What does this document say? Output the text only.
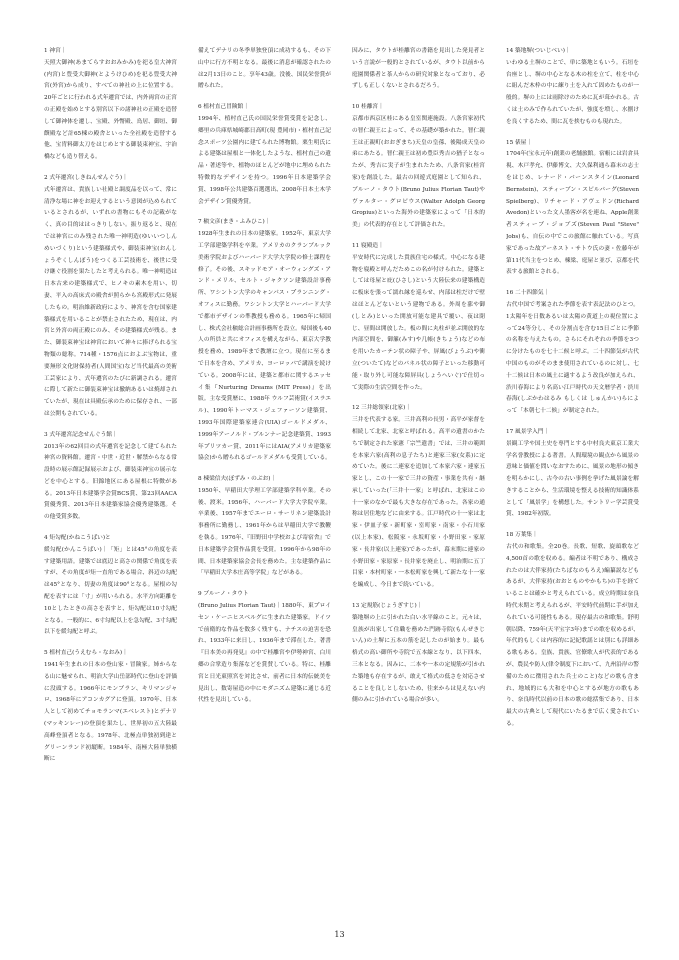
1 神宮｜

天照大御神(あまてらすおおみかみ)を祀る皇大神宮(内宮)と豊受大御神(とようけひめ)を祀る豊受大神宮(外宮)から成り、すべての神社の上に位置する。20年ごとに行われる式年遷宮では、内外両宮の正宮の正殿を始めとする別宮以下の諸神社の正殿を造替して御神体を遷し、宝殿、外幣殿、鳥居、御垣、御饌殿など計65棟の殿舎といった全社殿を造替する他、宝冑料御太刀をはじめとする御装束神宝、宇治橋なども造り替える。

2 式年遷宮(しきねんせんぐう)｜

式年遷宮は、貴族しい社殿と調度品を以って、常に清浄な場に神をお迎えするという意図が込められているとされるが、いずれの書物にもその記載がなく、真の目的ははっきりしない。振り返ると、現在では神宮にのみ残された唯一神明造(ゆいいつしんめいづくり)という建築様式や、御装束神宝(おんしょうぞくしんぽう)をつくる工芸技術を、後世に受け継ぐ役割を果たしたと考えられる。唯一神明造は日本古来の建築様式で、ヒノキの素木を用い、切妻、平入の高床式の殿舎が照らから宮殿形式に発展したもの。明治維新政府により、神宮を含む国家建築様式を用いることが禁止されたため、現在は、内宮と外宮の両正殿にのみ、その建築様式が残る。また、御装束神宝は神宮において神々に捧げられる宝物類の総称。714種・1576点におよぶ宝物は、重要無形文化財保持者(人間国宝)など当代最高の美術工芸家により、式年遷宮のたびに新調される。遷宮に際して新たに御装束神宝は撤納あるいは焼却されていたが、現在は具殿伝承のために保存され、一部は公開もされている。

3 式年遷宮記念せんぐう館｜

2013年の62回目の式年遷宮を記念して建てられた神宮の資料館。遷宮・中世・近世・解禁からなる常設時の展示館記録展示および、御装束神宝の展示などを中心とする。旧錦地区にある屋根に特徴がある。2013年日本建築学会賞BCS賞、第23回AACA賞優秀賞、2013年日本建築家協会優秀建築選。その他受賞多数。

4 矩勾配(かねこうばい)と

緩勾配(かんこうばい)｜「矩」とは45°の角度を表す建築用語。建築では底辺と高さの関係で角度を表すが、その角度が矩一直角である場合、斜辺の勾配は45°となり、切妻の角度は90°となる。屋根の勾配を表すには「寸」が用いられる。水平方向距離を10としたときの高さを表すと、矩勾配は10寸勾配となる。一般的に、6寸勾配以上を急勾配、3寸勾配以下を緩勾配と呼ぶ。

5 植村直己(うえむら・なおみ)｜

1941年生まれの日本の登山家・冒険家。姉からなる山に魅せられ、明治大学山岳部時代に登山を評価に没頭する。1966年にモンブラン、キリマンジャロ、1968年にアコンカグアに登頂。1970年、日本人として初めてチョモランマ(エベレスト)とデナリ(マッキンレー)の登頂を果たし、世界初の五大陸最高峰登頂者となる。1978年、北極点単独初到達とグリーンランド初縦断。1984年、南極大陸単独横断に

備えてデナリの冬季単独登頂に成功するも、その下山中に行方不明となる。最後に消息が確認されたのは2月13日のこと。享年43歳。没後、国民栄誉賞が贈られた。

6 植村直己冒険館｜

1994年、植村直己氏の国民栄誉賞受賞を記念し、郷里の兵庫県城崎郡日高町(現 豊岡市)・植村直己記念スポーツ公園内に建てられた博物館。栗生明氏による建築は屋根と一体化したような、植村直己の遺品・著述等や、植物のほとんどが地中に埋められた特徴的なデザインを持つ。1996年日本建築学会賞、1998年公共建築百選選出、2008年日本土木学会デザイン賞優秀賞。

7 槇文彦(まき・ふみひこ)｜

1928年生まれの日本の建築家。1952年、東京大学工学部建築学科を卒業。アメリカのクランブルック美術学院およびハーバード大学大学院の修士課程を修了。その後、スキッドモア・オーウィングズ・アンド・メリル、セルト・ジャクソン建築設計事務所、ワシントン大学のキャンパス・プランニング・オフィスに勤務。ワシントン大学とハーバード大学で都市デザインの準教授も務める。1965年に帰国し、株式会社槇総合計画事務所を設立。帰国後も40人の所員と共にオフィスを構えながら、東京大学教授を務め、1989年まで教壇に立つ。現在に至るまで日本を含め、アメリカ、ヨーロッパで講演を続けている。2008年には、建築と都市に関するエッセイ集『Nurturing Dreams (MIT Press)』を出版。主な受賞歴に、1988年 ウルフ芸術賞(イスラエル)、1990年トーマス・ジェファーソン建築賞、1993年国際建築家連合(UIA)ゴールドメダル、1999年アーノルド・ブルンナー記念建築賞、1993年プリツカー賞、2011年にはAIA(アメリカ建築家協会)から贈られるゴールドメダルも受賞している。

8 棟梁信夫(ぼずみ・のぶお)｜

1950年、早稲田大学理工学部建築学科卒業。その後、渡米。1956年、ハーバード大学大学院卒業。卒業後、1957年までエーロ・サーリネン建築設計事務所に勤務し、1961年からは早稲田大学で教鞭を執る。1976年、『旧野田中学校および寄宿舎』で日本建築学会賞作品賞を受賞。1996年から98年の間、日本建築家協会会長を務めた。主な建築作品に「早稲田大学本庄高等学院」などがある。

9 ブルーノ・タウト

(Bruno Julius Florian Taut)｜1880年、東プロイセン・ケーニヒスベルグに生まれた建築家。ドイツで前衛的な作品を数多く残すも、ナチスの迫害を恐れ、1933年に来日し、1936年まで滞在した。著書『日本美の再発見』の中で桂離宮や伊勢神宮、白川郷の合掌造り集落などを賞賛している。特に、桂離宮と日光東照宮を対比させ、前者に日本的伝統美を見出し、数寄屋造の中にモダニズム建築に通じる近代性を見出している。

因みに、タウトが桂離宮の書籍を見出した発見者という言説が一般的とされているが、タウト以前から庭園関係者と茶人からの研究対象となっており、必ずしも正しくないとされるだろう。

10 桂離宮｜

京都市西京区桂にある皇室関連施設。八条宮家初代の智仁親王によって、その基礎が築かれた。智仁親王は正親町(おおぎまち)天皇の皇孫、後陽成天皇の弟にあたる。智仁親王は初め豊臣秀吉の猶子となったが、秀吉に実子が生まれたため、八条宮家(桂宮家)を創設した。最古の回遊式庭園として知られ、ブルーノ・タウト(Bruno Julius Florian Taut)やヴァルター・グロピウス(Walter Adolph Georg Gropius)といった海外の建築家によって「日本的美」の代表的存在として評価された。

11 寝殿造｜

平安時代に完成した貴族住宅の様式。中心になる建物を寝殿と呼んだためこの名が付けられた。建築としては母屋と庇(ひさし)という大陸伝来の建築構造に板床を張って濡れ縁を巡らせ、内部は柱だけで壁はほとんどないという建物である。外周を蔀や御(しとみ)といった開放可能な建具で覆い、夜は閉じ、昼間は開放した。板の間に丸柱が並ぶ開放的な内部空間を、御簾(みす)や几帳(きちょう)などの布を用いたカーテン状の障子や、屏風(びょうぶ)や衝立(ついたて)などのパネル状の障子といった移動可能・取り外し可能な障屏具(しょうへいぐ)で仕切って実際の生活空間を作った。

12 三井総領家(北家)｜

三井を代表する家。三井高利の長男・高平が家督を相続して北家、北家と呼ばれる。高平の遺書のかたちで制定された家憲「宗竺遺書」では、三井の範囲を本家六家(高利の息子たち)と連家三家(女系)に定めていた。後に二連家を追加して本家六家・連家五家とし、この十一家で三井の資産・事業を共有・継承していった(「三井十一家」と呼ばれ、北家はこの十一家のなかで最も大きな存在であった。各家の通称は居住地などに由来する。江戸時代の十一家は北家・伊皿子家・新町家・室町家・南家・小石川家(以上本家)、松阪家・永坂町家・小野田家・家原家・長井家(以上連家)であったが、幕末期に連家の小野田家・家原家・長井家を廃止し、明治期に五丁目家・本村町家・一本松町家を興して新たな十一家を編成し、今日まで続いている。

13 定規筋(じょうぎすじ)｜

築地塀の上に引かれた白い水平線のこと。元々は、皇族が出家して住職を務めた門跡寺院(もんぜきじいん)の土塀に五本の筋を記したのが始まり。最も格式の高い御所や寺院で五本線となり、以下四本、三本となる。因みに、二本や一本の定規筋が引かれた築地も存在するが、敢えて格式の低さを対応させることを良しとしないため、往来からは見えない内側のみに引かれている場合が多い。

14 築地塀(ついじべい)｜

いわゆる土塀のことで、単に築地ともいう。石垣を台座とし、塀の中心となる木の柱を立て、柱を中心に組んだ木枠の中に練り土を入れて固めたものが一般的。塀の上には雨除けのために瓦が葺かれる。古くは土のみで作られていたが、強度を増し、水捌けを良くするため、間に瓦を挟むものも現れた。

15 俵屋｜

1704年(宝永元年)創業の老舗旅館。宿帳には岩倉具視、木戸孝允、伊藤博文、大久保利通ら幕末の志士をはじめ、レナード・バーンスタイン(Leonard Bernstein)、スティーブン・スピルバーグ(Steven Spielberg)、リチャード・アヴェドン(Richard Avedon)といった文人墨客が名を連ね、Apple創業者スティーブ・ジョブズ(Steven Paul "Steve" Jobs)も、自伝の中でこの旅館に触れている。写真家であった故アーネスト・サトウ氏の妻・佐藤年が第11代当主をつとめ、棟梁、庭屋と並び、京都を代表する旅館とされる。

16 二十四節気｜

古代中国で考案された季節を表す表記法のひとつ。1太陽年を日数あるいは太陽の黄道上の視位置によって24等分し、その分割点を含む15日ごとに季節の名称を与えたもの。さらにそれぞれの季節を3つに分けたものを七十二候と呼ぶ。二十四節気が古代中国のものがそのまま使用されているのに対し、七十二候は日本の風土に適するよう改良が加えられ、渋川春海により名高い江戸時代の天文暦学者・渋川春海(しぶかわはるみ もしくは しゅんかい)らによって「本朝七十二候」が制定された。

17 風景学入門｜

景観工学や国土史を専門とする中村良夫東京工業大学名誉教授による著書。人間環境の観点から風景の意味と価値を問いなおすために、風景の地形の傾きを明らかにし、古今の古い事例を挙げた風景論を解きすることから、生活環境を整える技術的知識体系として「風景学」を構想した。サントリー学芸賞受賞、1982年初版。

18 万葉集｜

古代の和歌集。全20巻。長歌、短歌、旋頭歌など4,500首の歌を収める。編者は不明であり、構成されたのは大伴家持(たちばなのもろえ)編纂説などもあるが、大伴家持(おおとものやかもち)の手を経ていることは確かと考えられている。成立時期は奈良時代末期と考えられるが、平安時代前期に手が加えられている可能性もある。現存最古の和歌集。舒明朝以降、759年(天平宝字3年)までの歌を収めるが、年代的もしくは内容的に記紀歌謡とは別にも詳細ある歌もある。皇族、貴族、官僚歌人が代表的であるが、農民や防人(律令制度下において、九州沿岸の警備のために徴用された兵士のこと)などの歌も含まれ、地域的にも大和を中心とするが地方の歌もあり、奈良時代以前の日本の歌の総括集であり、日本最大の古典として現代にいたるまで広く愛されている。

13
